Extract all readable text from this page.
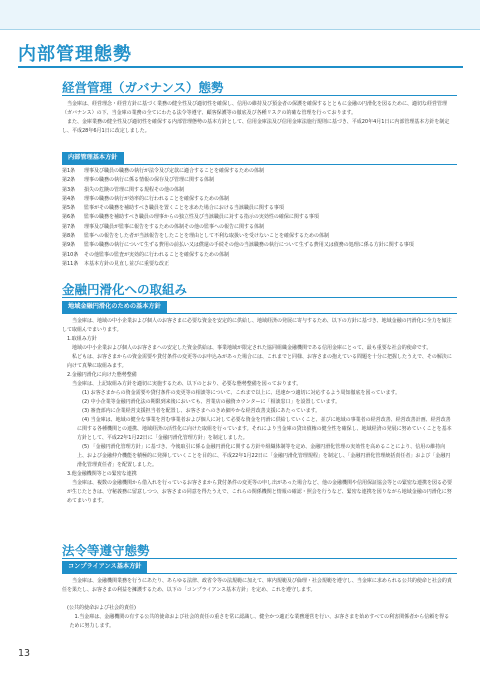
内部管理態勢
経営管理（ガバナンス）態勢

当金庫は、経営理念・経営方針に基づく業務の健全性及び適切性を確保し、信用の維持及び預金者の保護を確保するとともに金融の円滑化を図るために、適切な経営管理（ガバナンス）の下、当金庫の業務の全てにわたる法令等遵守、顧客保護等の徹底及び各種リスクの的確な管理を行っております。

また、金庫業務の健全性及び適切性を確保する内部管理態勢の基本方針として、信用金庫法及び信用金庫法施行規則に基づき、平成20年4月1日に内部管理基本方針を制定し、平成28年6月1日に改定しました。

内部管理基本方針
第1条	理事及び職員の職務の執行が法令及び定款に適合することを確保するための体制
第2条	理事の職務の執行に係る情報の保存及び管理に関する体制
第3条	損失の危険の管理に関する規程その他の体制
第4条	理事の職務の執行が効率的に行われることを確保するための体制
第5条	監事がその職務を補助すべき職員を置くことを求めた場合における当該職員に関する事項
第6条	監事の職務を補助すべき職員の理事からの独立性及び当該職員に対する指示の実効性の確保に関する事項
第7条	理事及び職員が監事に報告をするための体制その他の監事への報告に関する体制
第8条	監事への報告をした者が当該報告をしたことを理由として不利な取扱いを受けないことを確保するための体制
第9条	監事の職務の執行について生ずる費用の前払い又は償還の手続その他の当該職務の執行について生ずる費用又は債務の処理に係る方針に関する事項
第10条	その他監事の監査が実効的に行われることを確保するための体制
第11条	本基本方針の見直し並びに重要な改正
金融円滑化への取組み
地域金融円滑化のための基本方針

　当金庫は、地域の中小企業および個人のお客さまに必要な資金を安定的に供給し、地域経済の発展に寄与するため、以下の方針に基づき、地域金融の円滑化に全力を傾注して取組んでまいります。

1.取組み方針

地域の中小企業および個人のお客さまへの安定した資金供給は、事業地域が限定された協同組織金融機関である信用金庫にとって、最も重要な社会的使命です。

私どもは、お客さまからの資金需要や貸付条件の変更等のお申込みがあった場合には、これまでと同様、お客さまの抱えている問題を十分に把握したうえで、その解決に向けて真摯に取組みます。

2.金融円滑化に向けた態勢整備

当金庫は、上記取組み方針を適切に実施するため、以下のとおり、必要な態勢整備を図っております。

(1) お客さまからの資金需要や貸付条件の変更等の相談等について、これまで以上に、迅速かつ適切に対応するよう周知徹底を図っています。

(2) 中小企業等金融円滑化法の期限到来後においても、営業店の融資カウンターに「相談窓口」を設置しています。

(3) 審査部内に企業経営支援担当者を配置し、お客さまへのきめ細やかな経営改善支援にあたっています。

(4) 当金庫は、地域の健全な事業を営む事業者および個人に対して必要な資金を円滑に供給していくこと、並びに地域の事業者の経営改善、経営改善計画、経営改善に関する各種機関との連携、地域経済の活性化に向けた取組を行っています。それにより当金庫の貸出債権の健全性を確保し、地域経済の発展に努めていくことを基本方針として、平成22年1月22日に「金融円滑化管理方針」を制定しました。

(5) 「金融円滑化管理方針」に基づき、今後取引に係る金融円滑化に関する方針や組織体制等を定め、金融円滑化管理の実効性を高めることにより、信用の維持向上、および金融仲介機能を積極的に発揮していくことを目的に、平成22年1月22日に「金融円滑化管理規程」を制定し、「金融円滑化管理統括責任者」および「金融円滑化管理責任者」を配置しました。

3.他金融機関等との緊密な連携

当金庫は、複数の金融機関から借入れを行っているお客さまから貸付条件の変更等の申し出があった場合など、他の金融機関や信用保証協会等との緊密な連携を図る必要が生じたときは、守秘義務に留意しつつ、お客さまの同意を得たうえで、これらの関係機関と情報の確認・照会を行うなど、緊密な連携を図りながら地域金融の円滑化に努めてまいります。

法令等遵守態勢
コンプライアンス基本方針

　当金庫は、金融機関業務を行うにあたり、あらゆる法律、政省令等の法規範に加えて、庫内規範及び倫理・社会規範を遵守し、当金庫に求められる公共的使命と社会的責任を果たし、お客さまの利益を擁護するため、以下の「コンプライアンス基本方針」を定め、これを遵守します。

(公共的使命および社会的責任)

1.当金庫は、金融機関の有する公共的使命および社会的責任の重さを常に認識し、健全かつ適正な業務運営を行い、お客さまを始めすべての利害関係者から信頼を得るために努力します。

13
